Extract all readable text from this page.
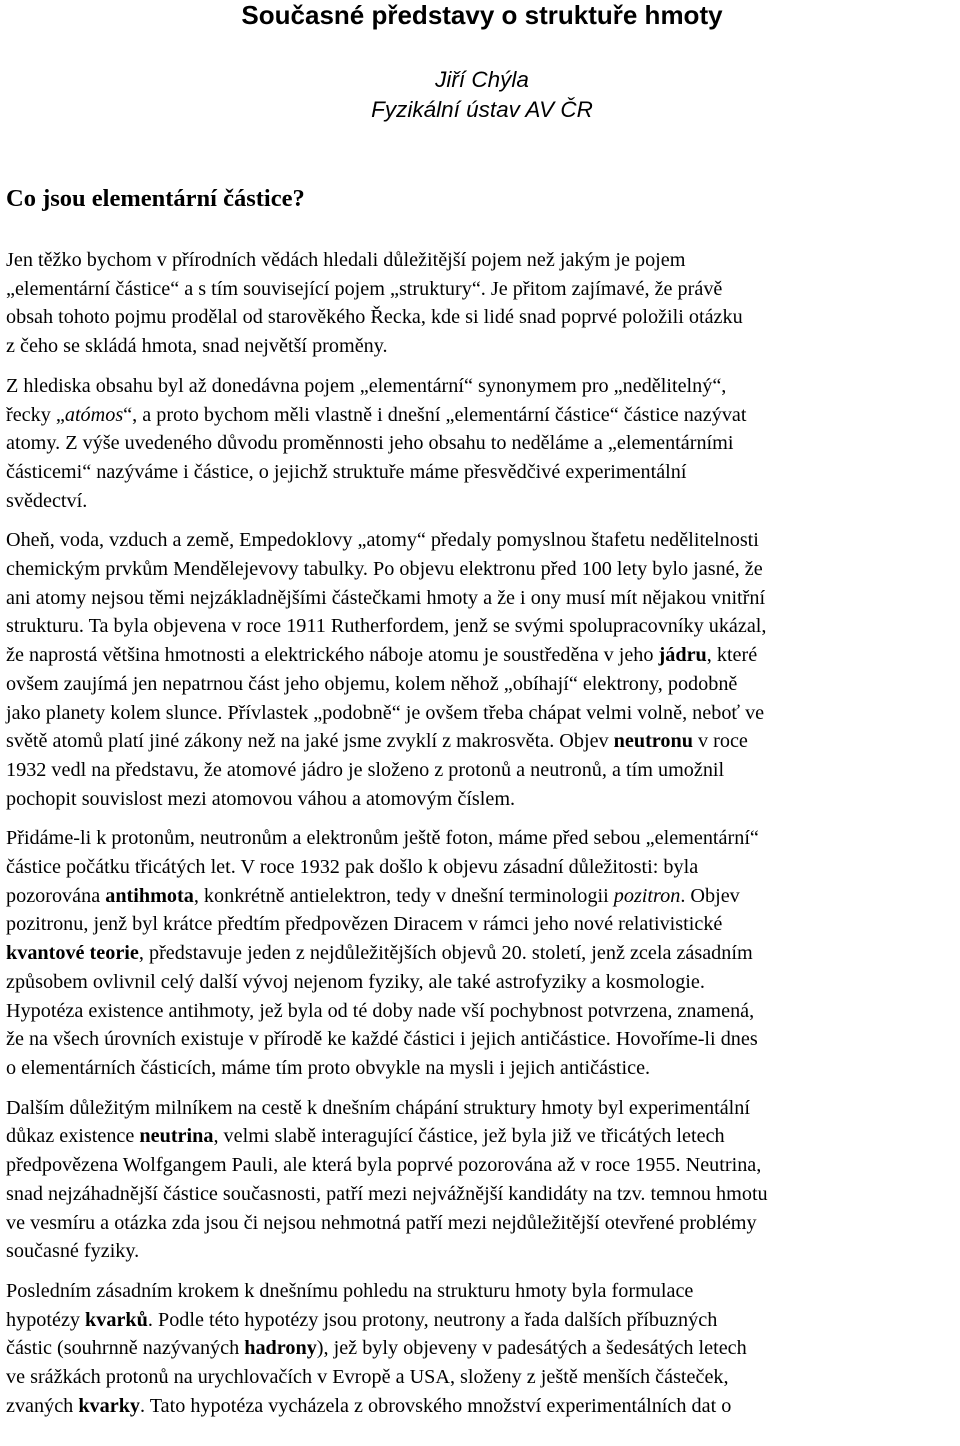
Současné představy o struktuře hmoty
Jiří Chýla
Fyzikální ústav AV ČR
Co jsou elementární částice?

Jen těžko bychom v přírodních vědách hledali důležitější pojem než jakým je pojem
„elementární částice“ a s tím související pojem „struktury“. Je přitom zajímavé, že právě
obsah tohoto pojmu prodělal od starověkého Řecka, kde si lidé snad poprvé položili otázku
z čeho se skládá hmota, snad největší proměny.

Z hlediska obsahu byl až donedávna pojem „elementární“ synonymem pro „nedělitelný“,
řecky „atómos“, a proto bychom měli vlastně i dnešní „elementární částice“ částice nazývat
atomy. Z výše uvedeného důvodu proměnnosti jeho obsahu to neděláme a „elementárními
částicemi“ nazýváme i částice, o jejichž struktuře máme přesvědčivé experimentální
svědectví.

Oheň, voda, vzduch a země, Empedoklovy „atomy“ předaly pomyslnou štafetu nedělitelnosti
chemickým prvkům Mendělejevovy tabulky. Po objevu elektronu před 100 lety bylo jasné, že
ani atomy nejsou těmi nejzákladnějšími částečkami hmoty a že i ony musí mít nějakou vnitřní
strukturu. Ta byla objevena v roce 1911 Rutherfordem, jenž se svými spolupracovníky ukázal,
že naprostá většina hmotnosti a elektrického náboje atomu je soustředěna v jeho jádru, které
ovšem zaujímá jen nepatrnou část jeho objemu, kolem něhož „obíhají“ elektrony, podobně
jako planety kolem slunce. Přívlastek „podobně“ je ovšem třeba chápat velmi volně, neboť ve
světě atomů platí jiné zákony než na jaké jsme zvyklí z makrosvěta. Objev neutronu v roce
1932 vedl na představu, že atomové jádro je složeno z protonů a neutronů, a tím umožnil
pochopit souvislost mezi atomovou váhou a atomovým číslem.

Přidáme-li k protonům, neutronům a elektronům ještě foton, máme před sebou „elementární“
částice počátku třicátých let. V roce 1932 pak došlo k objevu zásadní důležitosti: byla
pozorována antihmota, konkrétně antielektron, tedy v dnešní terminologii pozitron. Objev
pozitronu, jenž byl krátce předtím předpovězen Diracem v rámci jeho nové relativistické
kvantové teorie, představuje jeden z nejdůležitějších objevů 20. století, jenž zcela zásadním
způsobem ovlivnil celý další vývoj nejenom fyziky, ale také astrofyziky a kosmologie.
Hypotéza existence antihmoty, jež byla od té doby nade vší pochybnost potvrzena, znamená,
že na všech úrovních existuje v přírodě ke každé částici i jejich antičástice. Hovoříme-li dnes
o elementárních částicích, máme tím proto obvykle na mysli i jejich antičástice.

Dalším důležitým milníkem na cestě k dnešním chápání struktury hmoty byl experimentální
důkaz existence neutrina, velmi slabě interagující částice, jež byla již ve třicátých letech
předpovězena Wolfgangem Pauli, ale která byla poprvé pozorována až v roce 1955. Neutrina,
snad nejzáhadnější částice současnosti, patří mezi nejvážnější kandidáty na tzv. temnou hmotu
ve vesmíru a otázka zda jsou či nejsou nehmotná patří mezi nejdůležitější otevřené problémy
současné fyziky.

Posledním zásadním krokem k dnešnímu pohledu na strukturu hmoty byla formulace
hypotézy kvarků. Podle této hypotézy jsou protony, neutrony a řada dalších příbuzných
částic (souhrnně nazývaných hadrony), jež byly objeveny v padesátých a šedesátých letech
ve srážkách protonů na urychlovačích v Evropě a USA, složeny z ještě menších částeček,
zvaných kvarky. Tato hypotéza vycházela z obrovského množství experimentálních dat o
